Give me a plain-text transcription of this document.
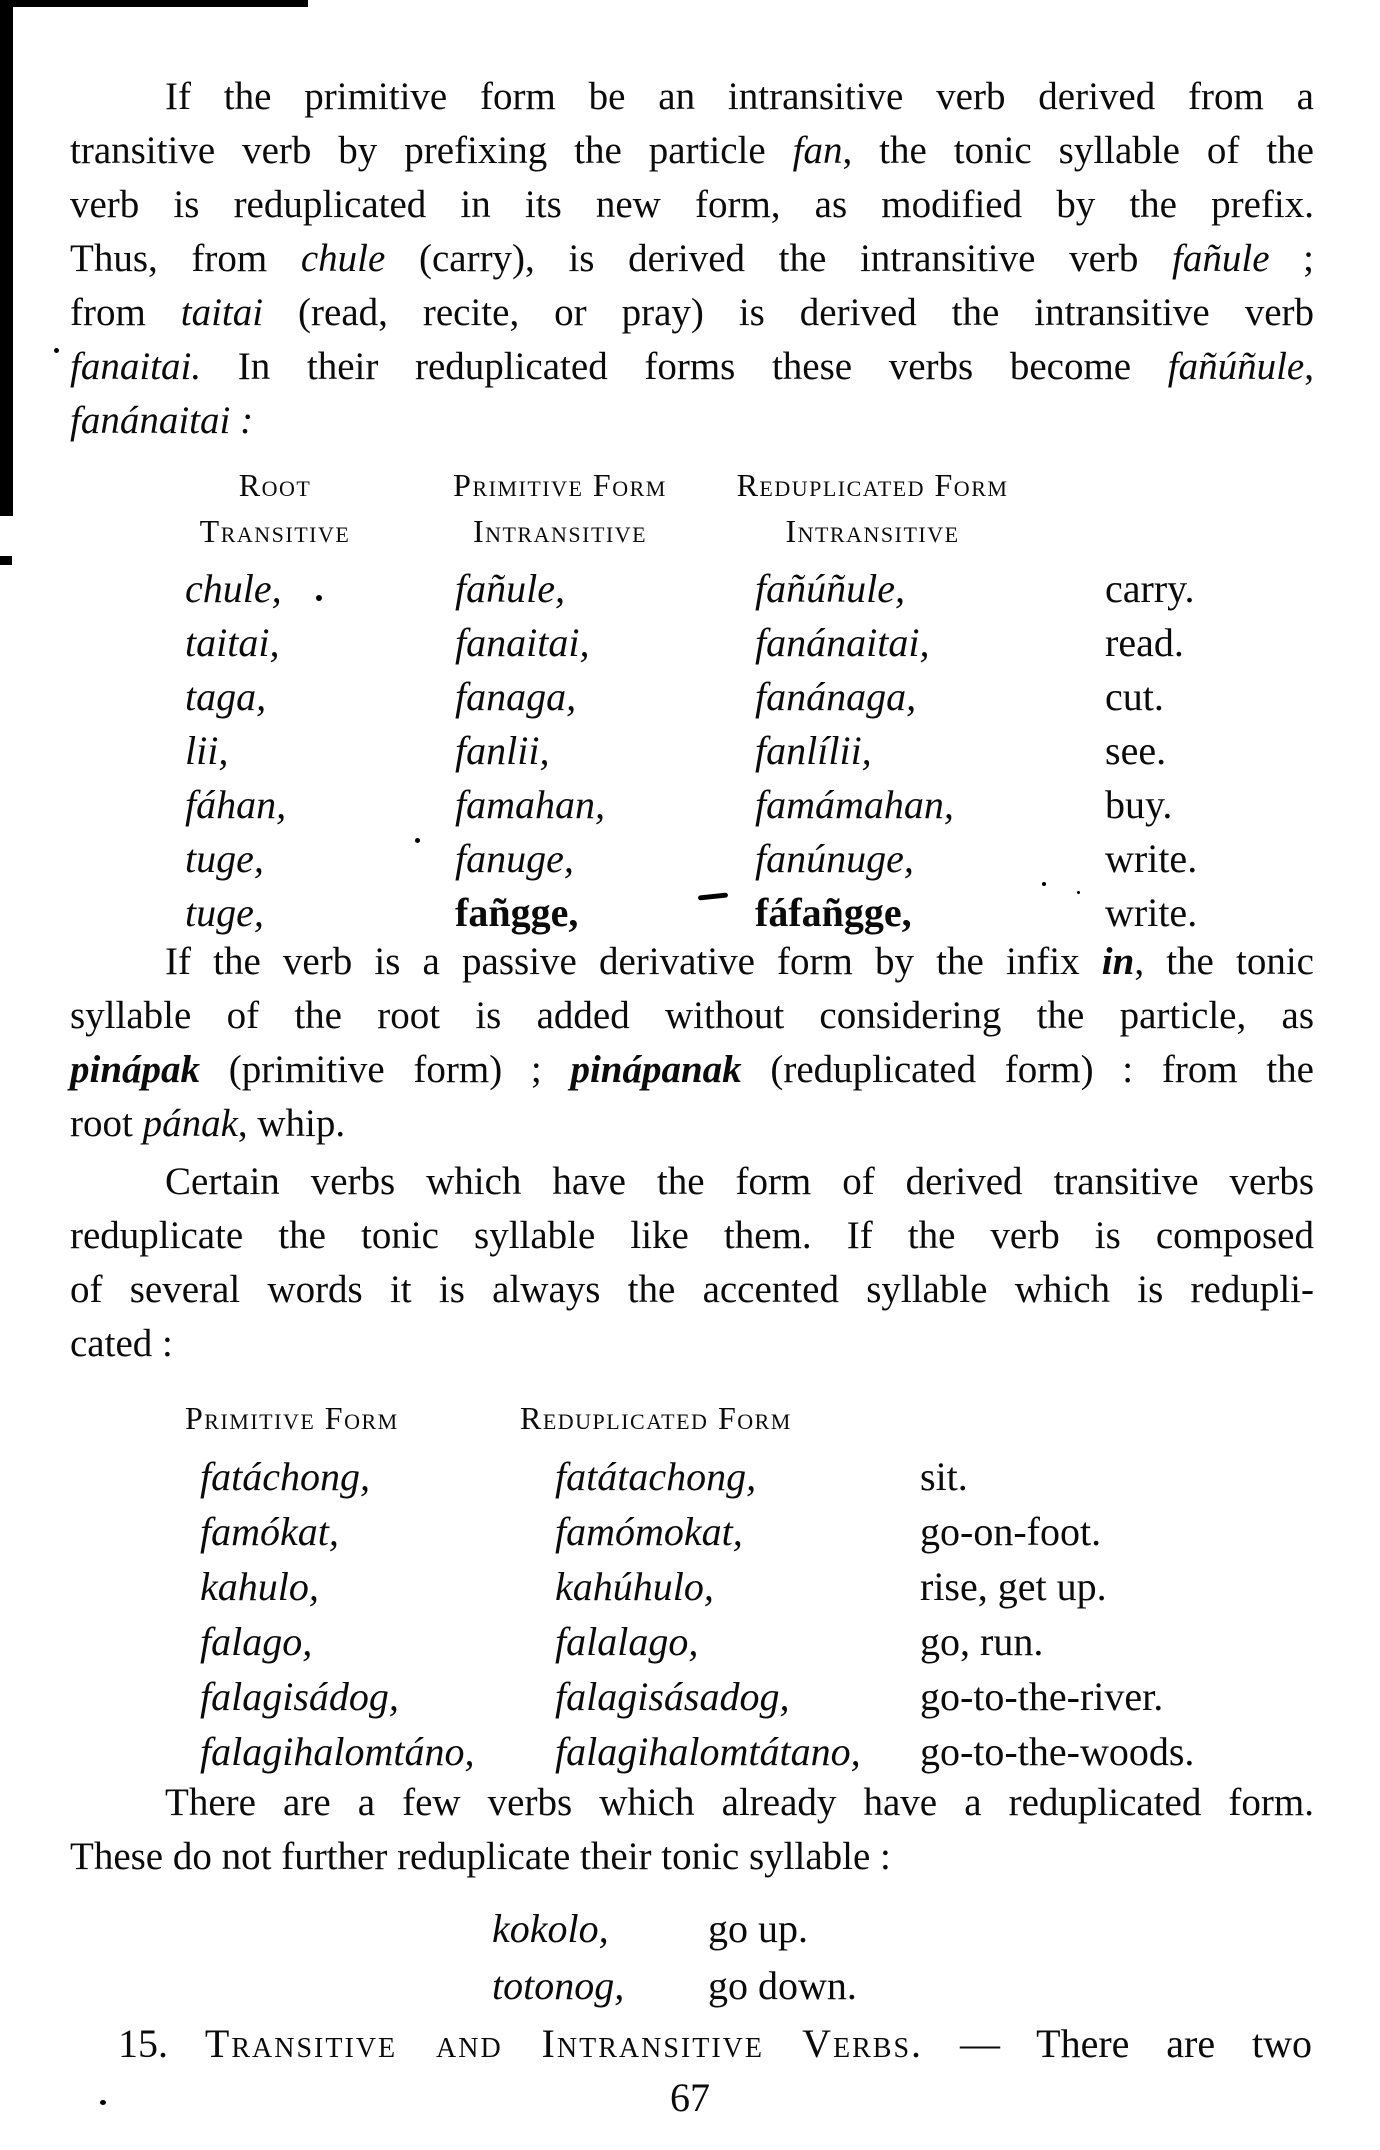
If the primitive form be an intransitive verb derived from a
transitive verb by prefixing the particle fan, the tonic syllable of the
verb is reduplicated in its new form, as modified by the prefix.
Thus, from chule (carry), is derived the intransitive verb fañule ;
from taitai (read, recite, or pray) is derived the intransitive verb
fanaitai. In their reduplicated forms these verbs become fañúñule,
fanánaitai :
Root
Transitive
Primitive Form
Intransitive
Reduplicated Form
Intransitive
chule,	fañule,	fañúñule,	carry.
taitai,	fanaitai,	fanánaitai,	read.
taga,	fanaga,	fanánaga,	cut.
lii,	fanlii,	fanlílii,	see.
fáhan,	famahan,	famámahan,	buy.
tuge,	fanuge,	fanúnuge,	write.
tuge,	fañgge,	fáfañgge,	write.
If the verb is a passive derivative form by the infix in, the tonic
syllable of the root is added without considering the particle, as
pinápak (primitive form) ; pinápanak (reduplicated form) : from the
root pának, whip.
Certain verbs which have the form of derived transitive verbs
reduplicate the tonic syllable like them. If the verb is composed
of several words it is always the accented syllable which is redupli-
cated :
Primitive Form	Reduplicated Form
fatáchong,	fatátachong,	sit.
famókat,	famómokat,	go-on-foot.
kahulo,	kahúhulo,	rise, get up.
falago,	falalago,	go, run.
falagisádog,	falagisásadog,	go-to-the-river.
falagihalomtáno, falagihalomtátano, go-to-the-woods.
There are a few verbs which already have a reduplicated form.
These do not further reduplicate their tonic syllable :
kokolo, go up.
totonog, go down.
15. Transitive and Intransitive Verbs. — There are two
67
